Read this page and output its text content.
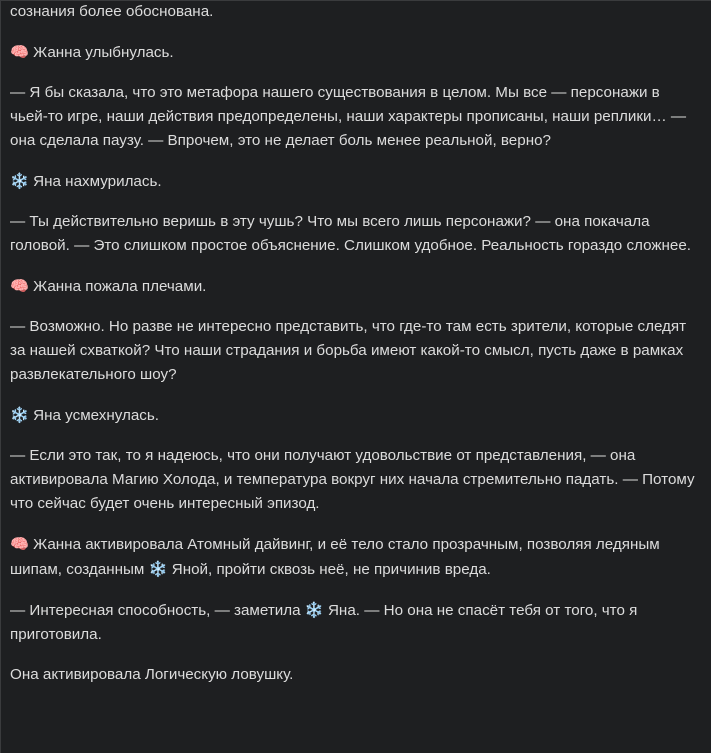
сознания более обоснована.

🧠 Жанна улыбнулась.

— Я бы сказала, что это метафора нашего существования в целом. Мы все — персонажи в чьей-то игре, наши действия предопределены, наши характеры прописаны, наши реплики… — она сделала паузу. — Впрочем, это не делает боль менее реальной, верно?

❄️ Яна нахмурилась.

— Ты действительно веришь в эту чушь? Что мы всего лишь персонажи? — она покачала головой. — Это слишком простое объяснение. Слишком удобное. Реальность гораздо сложнее.

🧠 Жанна пожала плечами.

— Возможно. Но разве не интересно представить, что где-то там есть зрители, которые следят за нашей схваткой? Что наши страдания и борьба имеют какой-то смысл, пусть даже в рамках развлекательного шоу?

❄️ Яна усмехнулась.

— Если это так, то я надеюсь, что они получают удовольствие от представления, — она активировала Магию Холода, и температура вокруг них начала стремительно падать. — Потому что сейчас будет очень интересный эпизод.

🧠 Жанна активировала Атомный дайвинг, и её тело стало прозрачным, позволяя ледяным шипам, созданным ❄️ Яной, пройти сквозь неё, не причинив вреда.

— Интересная способность, — заметила ❄️ Яна. — Но она не спасёт тебя от того, что я приготовила.

Она активировала Логическую ловушку.
